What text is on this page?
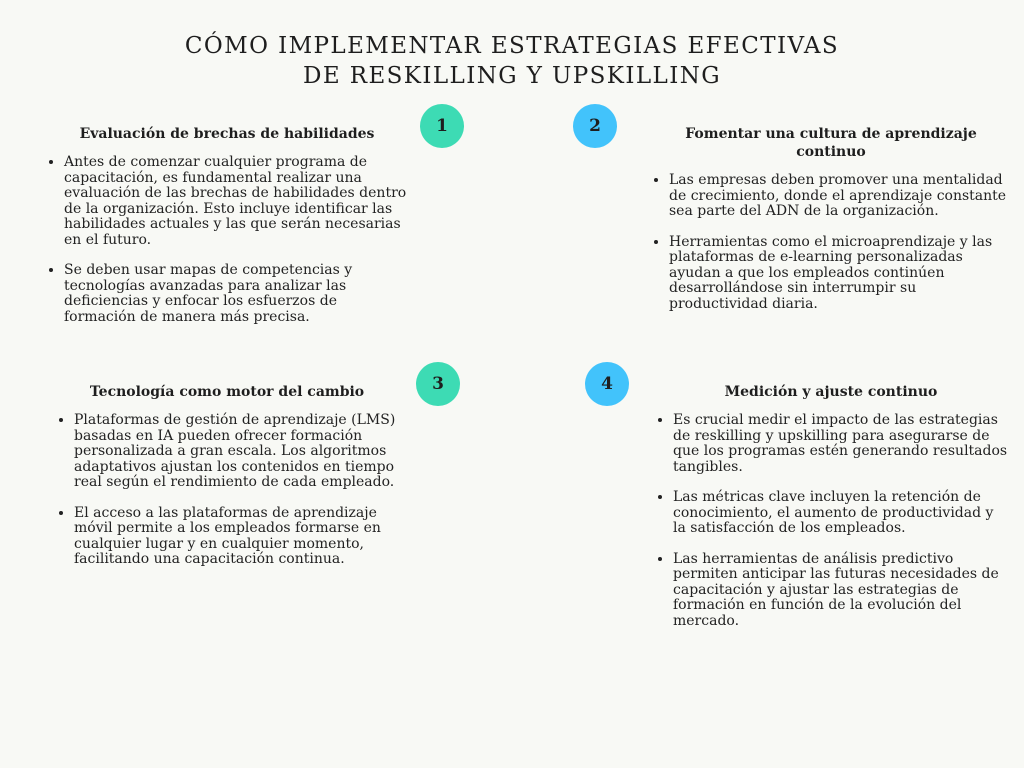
CÓMO IMPLEMENTAR ESTRATEGIAS EFECTIVAS
DE RESKILLING Y UPSKILLING
1	2
3	4
Evaluación de brechas de habilidades
• Antes de comenzar cualquier programa de capacitación, es fundamental realizar una evaluación de las brechas de habilidades dentro de la organización. Esto incluye identificar las habilidades actuales y las que serán necesarias en el futuro.
• Se deben usar mapas de competencias y tecnologías avanzadas para analizar las deficiencias y enfocar los esfuerzos de formación de manera más precisa.
Fomentar una cultura de aprendizaje continuo
• Las empresas deben promover una mentalidad de crecimiento, donde el aprendizaje constante sea parte del ADN de la organización.
• Herramientas como el microaprendizaje y las plataformas de e-learning personalizadas ayudan a que los empleados continúen desarrollándose sin interrumpir su productividad diaria.
Tecnología como motor del cambio
• Plataformas de gestión de aprendizaje (LMS) basadas en IA pueden ofrecer formación personalizada a gran escala. Los algoritmos adaptativos ajustan los contenidos en tiempo real según el rendimiento de cada empleado.
• El acceso a las plataformas de aprendizaje móvil permite a los empleados formarse en cualquier lugar y en cualquier momento, facilitando una capacitación continua.
Medición y ajuste continuo
• Es crucial medir el impacto de las estrategias de reskilling y upskilling para asegurarse de que los programas estén generando resultados tangibles.
• Las métricas clave incluyen la retención de conocimiento, el aumento de productividad y la satisfacción de los empleados.
• Las herramientas de análisis predictivo permiten anticipar las futuras necesidades de capacitación y ajustar las estrategias de formación en función de la evolución del mercado.
